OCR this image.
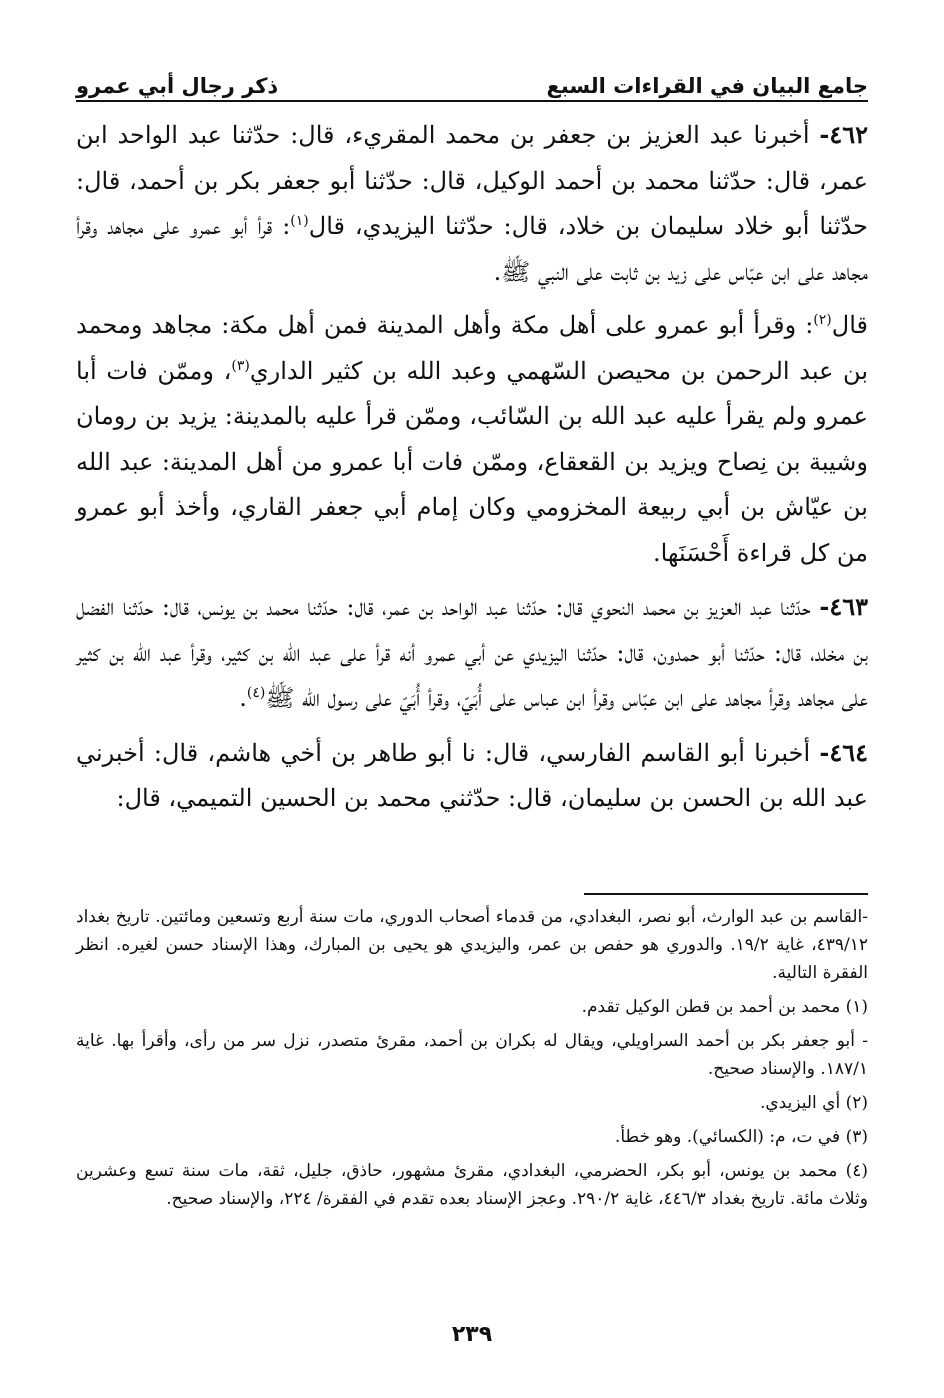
جامع البيان في القراءات السبع
ذكر رجال أبي عمرو

٤٦٢- أخبرنا عبد العزيز بن جعفر بن محمد المقريء، قال: حدّثنا عبد الواحد ابن عمر، قال: حدّثنا محمد بن أحمد الوكيل، قال: حدّثنا أبو جعفر بكر بن أحمد، قال: حدّثنا أبو خلاد سليمان بن خلاد، قال: حدّثنا اليزيدي، قال$^{(١)}$: قرأ أبو عمرو على مجاهد وقرأ مجاهد على ابن عبّاس على زيد بن ثابت على النبي ﷺ.

قال$^{(٢)}$: وقرأ أبو عمرو على أهل مكة وأهل المدينة فمن أهل مكة: مجاهد ومحمد بن عبد الرحمن بن محيصن السّهمي وعبد الله بن كثير الداري$^{(٣)}$، وممّن فات أبا عمرو ولم يقرأ عليه عبد الله بن السّائب، وممّن قرأ عليه بالمدينة: يزيد بن رومان وشيبة بن نِصاح ويزيد بن القعقاع، وممّن فات أبا عمرو من أهل المدينة: عبد الله بن عيّاش بن أبي ربيعة المخزومي وكان إمام أبي جعفر القاري، وأخذ أبو عمرو من كل قراءة أَحْسَنَها.

٤٦٣- حدّثنا عبد العزيز بن محمد النحوي قال: حدّثنا عبد الواحد بن عمر، قال: حدّثنا محمد بن يونس، قال: حدّثنا الفضل بن مخلد، قال: حدّثنا أبو حمدون، قال: حدّثنا اليزيدي عن أبي عمرو أنه قرأ على عبد الله بن كثير، وقرأ عبد الله بن كثير على مجاهد وقرأ مجاهد على ابن عبّاس وقرأ ابن عباس على أُبَيّ، وقرأ أُبَيّ على رسول الله ﷺ$^{(٤)}$.

٤٦٤- أخبرنا أبو القاسم الفارسي، قال: نا أبو طاهر بن أخي هاشم، قال: أخبرني عبد الله بن الحسن بن سليمان، قال: حدّثني محمد بن الحسين التميمي، قال:

-القاسم بن عبد الوارث، أبو نصر، البغدادي، من قدماء أصحاب الدوري، مات سنة أربع وتسعين ومائتين. تاريخ بغداد ٤٣٩/١٢، غاية ١٩/٢. والدوري هو حفص بن عمر، واليزيدي هو يحيى بن المبارك، وهذا الإسناد حسن لغيره. انظر الفقرة التالية.

(١) محمد بن أحمد بن قطن الوكيل تقدم.

- أبو جعفر بكر بن أحمد السراويلي، ويقال له بكران بن أحمد، مقرئ متصدر، نزل سر من رأى، وأقرأ بها. غاية ١٨٧/١. والإسناد صحيح.

(٢) أي اليزيدي.

(٣) في ت، م: (الكسائي). وهو خطأ.

(٤) محمد بن يونس، أبو بكر، الحضرمي، البغدادي، مقرئ مشهور، حاذق، جليل، ثقة، مات سنة تسع وعشرين وثلاث مائة. تاريخ بغداد ٤٤٦/٣، غاية ٢٩٠/٢. وعجز الإسناد بعده تقدم في الفقرة/ ٢٢٤، والإسناد صحيح.

٢٣٩
